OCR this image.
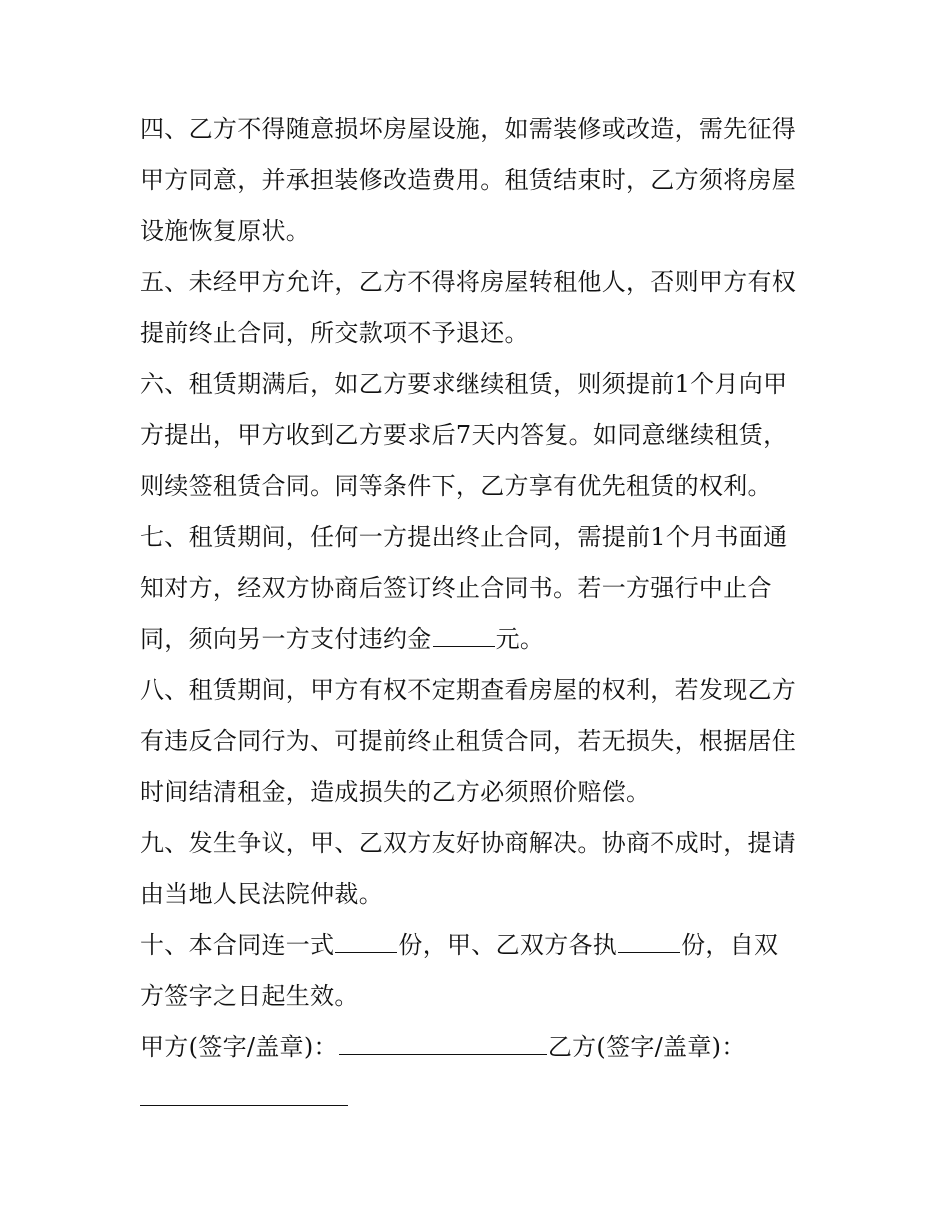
四、乙方不得随意损坏房屋设施，如需装修或改造，需先征得
甲方同意，并承担装修改造费用。租赁结束时，乙方须将房屋
设施恢复原状。

五、未经甲方允许，乙方不得将房屋转租他人，否则甲方有权
提前终止合同，所交款项不予退还。

六、租赁期满后，如乙方要求继续租赁，则须提前1个月向甲
方提出，甲方收到乙方要求后7天内答复。如同意继续租赁，
则续签租赁合同。同等条件下，乙方享有优先租赁的权利。

七、租赁期间，任何一方提出终止合同，需提前1个月书面通
知对方，经双方协商后签订终止合同书。若一方强行中止合
同，须向另一方支付违约金	元。

八、租赁期间，甲方有权不定期查看房屋的权利，若发现乙方
有违反合同行为、可提前终止租赁合同，若无损失，根据居住
时间结清租金，造成损失的乙方必须照价赔偿。

九、发生争议，甲、乙双方友好协商解决。协商不成时，提请
由当地人民法院仲裁。

十、本合同连一式	份，甲、乙双方各执	份，自双
方签字之日起生效。

甲方(签字/盖章)：	乙方(签字/盖章)：
